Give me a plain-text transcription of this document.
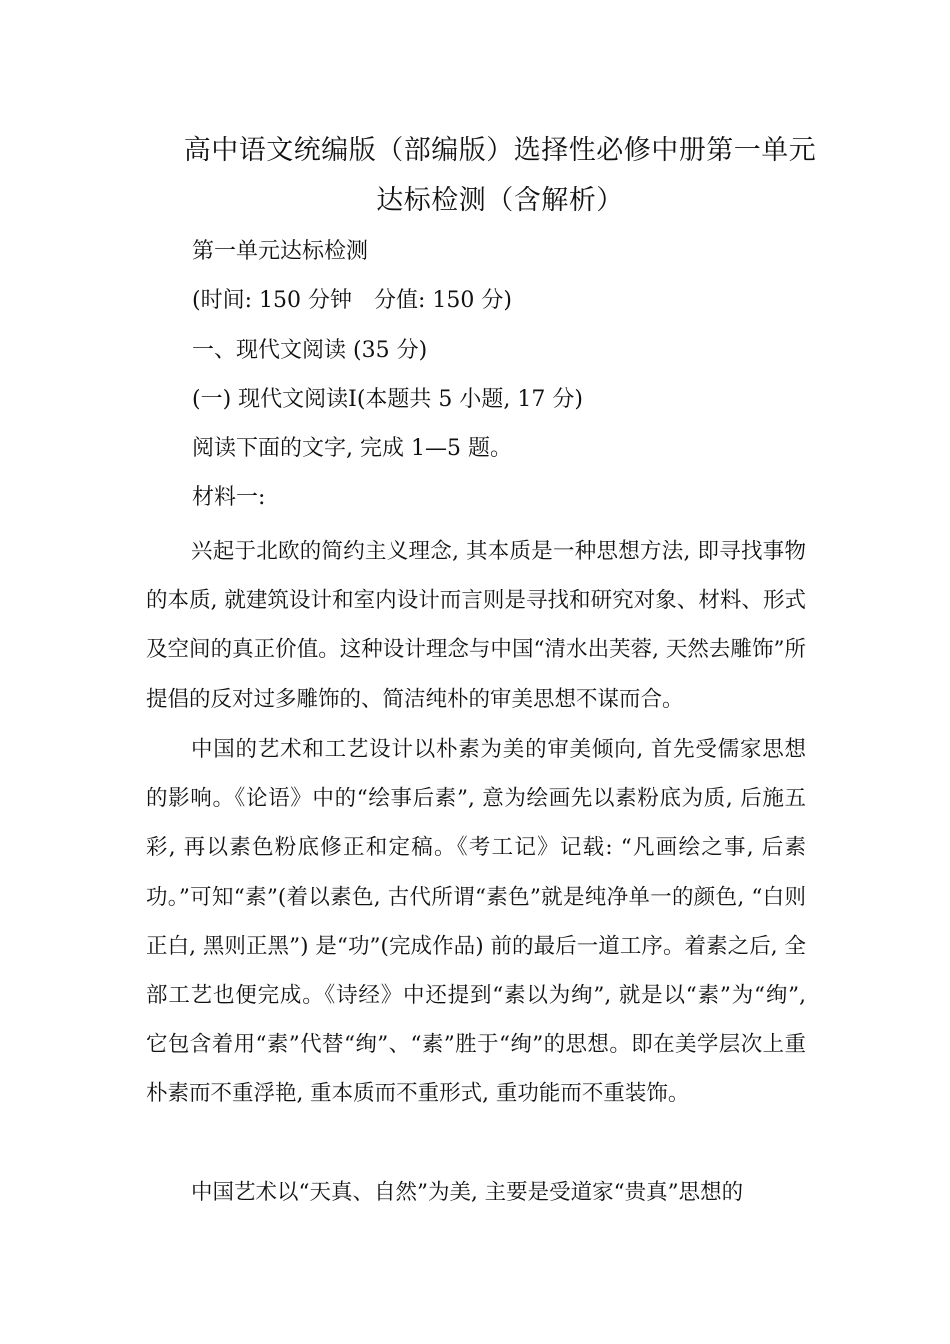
高中语文统编版（部编版）选择性必修中册第一单元
达标检测（含解析）
第一单元达标检测
(时间: 150 分钟　分值: 150 分)
一、现代文阅读 (35 分)
(一) 现代文阅读Ⅰ(本题共 5 小题, 17 分)
阅读下面的文字, 完成 1—5 题。
材料一:
兴起于北欧的简约主义理念, 其本质是一种思想方法, 即寻找事物的本质, 就建筑设计和室内设计而言则是寻找和研究对象、材料、形式及空间的真正价值。这种设计理念与中国“清水出芙蓉, 天然去雕饰”所提倡的反对过多雕饰的、简洁纯朴的审美思想不谋而合。
中国的艺术和工艺设计以朴素为美的审美倾向, 首先受儒家思想的影响。《论语》中的“绘事后素”, 意为绘画先以素粉底为质, 后施五彩, 再以素色粉底修正和定稿。《考工记》记载: “凡画绘之事, 后素功。”可知“素”(着以素色, 古代所谓“素色”就是纯净单一的颜色, “白则正白, 黑则正黑”) 是“功”(完成作品) 前的最后一道工序。着素之后, 全部工艺也便完成。《诗经》中还提到“素以为绚”, 就是以“素”为“绚”, 它包含着用“素”代替“绚”、“素”胜于“绚”的思想。即在美学层次上重朴素而不重浮艳, 重本质而不重形式, 重功能而不重装饰。
中国艺术以“天真、自然”为美, 主要是受道家“贵真”思想的
